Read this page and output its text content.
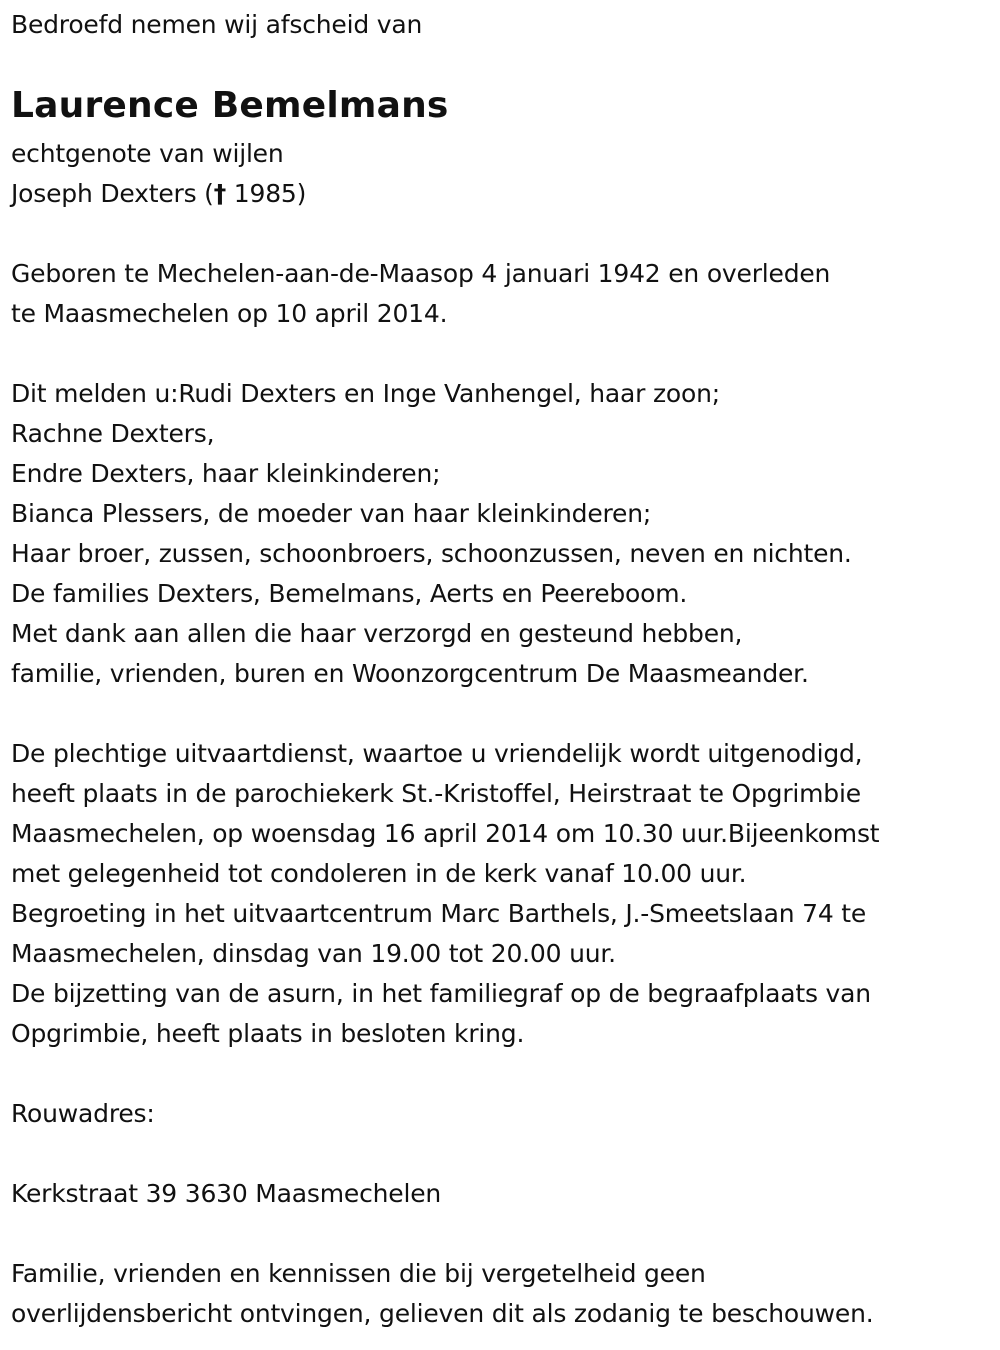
Bedroefd nemen wij afscheid van
Laurence Bemelmans
echtgenote van wijlen
Joseph Dexters († 1985)
Geboren te Mechelen-aan-de-Maasop 4 januari 1942 en overleden
te Maasmechelen op 10 april 2014.
Dit melden u:Rudi Dexters en Inge Vanhengel, haar zoon;
Rachne Dexters,
Endre Dexters, haar kleinkinderen;
Bianca Plessers, de moeder van haar kleinkinderen;
Haar broer, zussen, schoonbroers, schoonzussen, neven en nichten.
De families Dexters, Bemelmans, Aerts en Peereboom.
Met dank aan allen die haar verzorgd en gesteund hebben,
familie, vrienden, buren en Woonzorgcentrum De Maasmeander.
De plechtige uitvaartdienst, waartoe u vriendelijk wordt uitgenodigd,
heeft plaats in de parochiekerk St.-Kristoffel, Heirstraat te Opgrimbie
Maasmechelen, op woensdag 16 april 2014 om 10.30 uur.Bijeenkomst
met gelegenheid tot condoleren in de kerk vanaf 10.00 uur.
Begroeting in het uitvaartcentrum Marc Barthels, J.-Smeetslaan 74 te
Maasmechelen, dinsdag van 19.00 tot 20.00 uur.
De bijzetting van de asurn, in het familiegraf op de begraafplaats van
Opgrimbie, heeft plaats in besloten kring.
Rouwadres:
Kerkstraat 39 3630 Maasmechelen
Familie, vrienden en kennissen die bij vergetelheid geen
overlijdensbericht ontvingen, gelieven dit als zodanig te beschouwen.
